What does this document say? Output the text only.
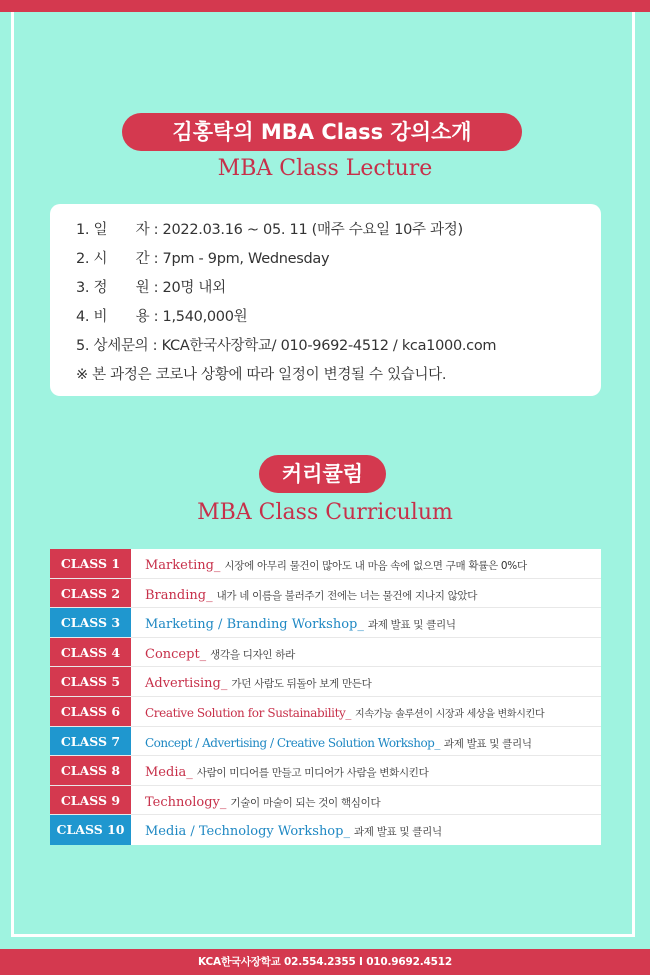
김홍탁의 MBA Class 강의소개
MBA Class Lecture
1. 일　　자 : 2022.03.16 ~ 05. 11 (매주 수요일 10주 과정)
2. 시　　간 : 7pm - 9pm, Wednesday
3. 정　　원 : 20명 내외
4. 비　　용 : 1,540,000원
5. 상세문의 : KCA한국사장학교/ 010-9692-4512 / kca1000.com
※ 본 과정은 코로나 상황에 따라 일정이 변경될 수 있습니다.
커리큘럼
MBA Class Curriculum
CLASS 1	Marketing_ 시장에 아무리 물건이 많아도 내 마음 속에 없으면 구매 확률은 0%다
CLASS 2	Branding_ 내가 네 이름을 불러주기 전에는 너는 물건에 지나지 않았다
CLASS 3	Marketing / Branding Workshop_ 과제 발표 및 클리닉
CLASS 4	Concept_ 생각을 디자인 하라
CLASS 5	Advertising_ 가던 사람도 뒤돌아 보게 만든다
CLASS 6	Creative Solution for Sustainability_ 지속가능 솔루션이 시장과 세상을 변화시킨다
CLASS 7	Concept / Advertising / Creative Solution Workshop_ 과제 발표 및 클리닉
CLASS 8	Media_ 사람이 미디어를 만들고 미디어가 사람을 변화시킨다
CLASS 9	Technology_ 기술이 마술이 되는 것이 핵심이다
CLASS 10	Media / Technology Workshop_ 과제 발표 및 클리닉
KCA한국사장학교 02.554.2355 I 010.9692.4512
